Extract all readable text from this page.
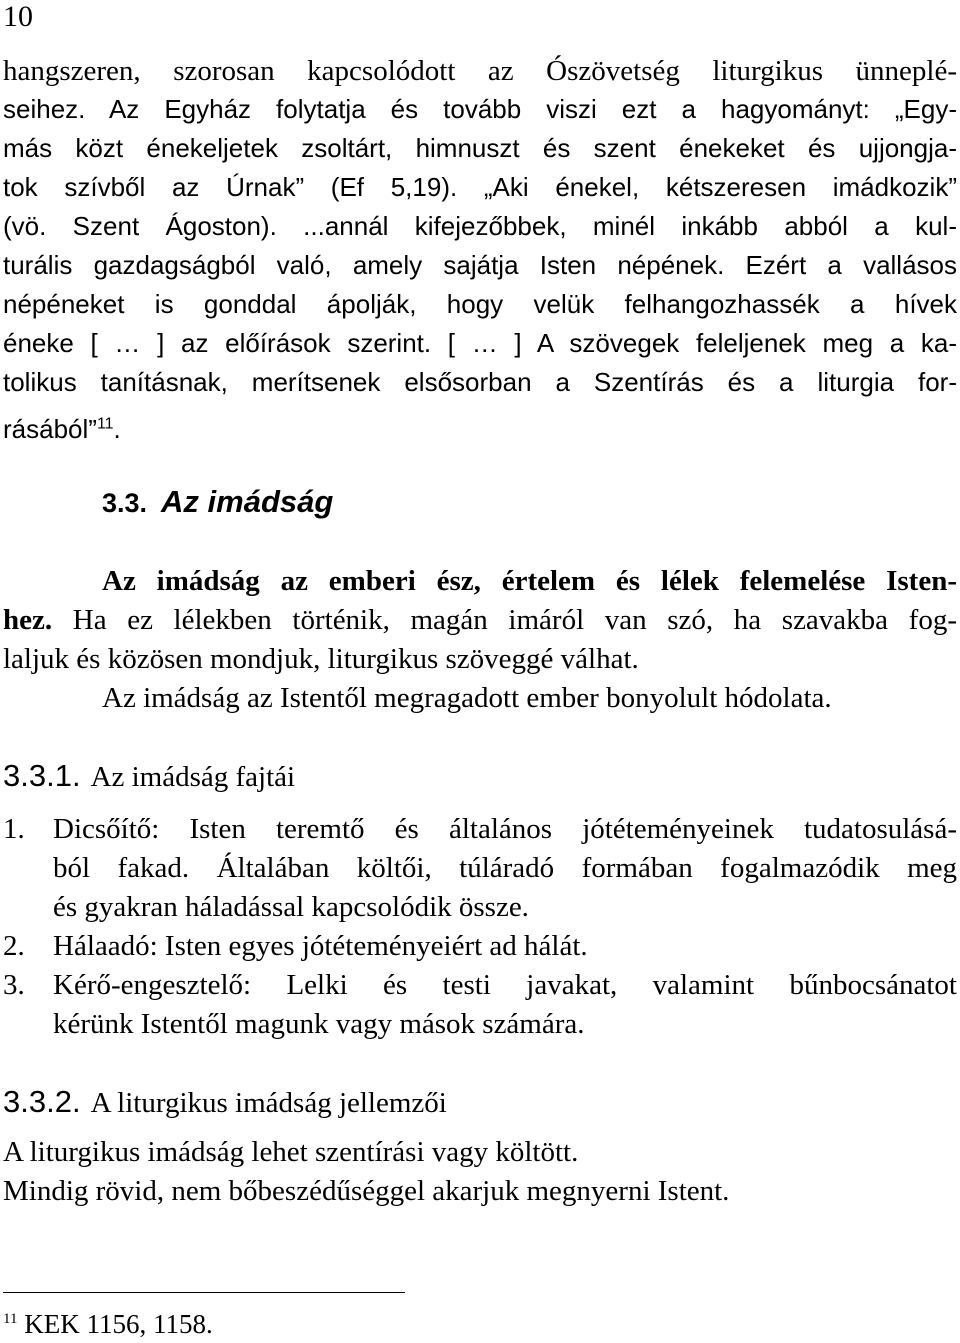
10
hangszeren, szorosan kapcsolódott az Ószövetség liturgikus ünneplé-
seihez. Az Egyház folytatja és tovább viszi ezt a hagyományt: „Egy-
más közt énekeljetek zsoltárt, himnuszt és szent énekeket és ujjongja-
tok szívből az Úrnak” (Ef 5,19). „Aki énekel, kétszeresen imádkozik”
(vö. Szent Ágoston). ...annál kifejezőbbek, minél inkább abból a kul-
turális gazdagságból való, amely sajátja Isten népének. Ezért a vallásos
népéneket is gonddal ápolják, hogy velük felhangozhassék a hívek
éneke [ … ] az előírások szerint. [ … ] A szövegek feleljenek meg a ka-
tolikus tanításnak, merítsenek elsősorban a Szentírás és a liturgia for-
rásából”$^{11}$.
3.3. Az imádság
Az imádság az emberi ész, értelem és lélek felemelése Isten-
hez. Ha ez lélekben történik, magán imáról van szó, ha szavakba fog-
laljuk és közösen mondjuk, liturgikus szöveggé válhat.
Az imádság az Istentől megragadott ember bonyolult hódolata.
3.3.1. Az imádság fajtái
1. Dicsőítő: Isten teremtő és általános jótéteményeinek tudatosulásá-
ból fakad. Általában költői, túláradó formában fogalmazódik meg
és gyakran háladással kapcsolódik össze.
2. Hálaadó: Isten egyes jótéteményeiért ad hálát.
3. Kérő-engesztelő: Lelki és testi javakat, valamint bűnbocsánatot
kérünk Istentől magunk vagy mások számára.
3.3.2. A liturgikus imádság jellemzői
A liturgikus imádság lehet szentírási vagy költött.
Mindig rövid, nem bőbeszédűséggel akarjuk megnyerni Istent.
$^{11}$ KEK 1156, 1158.
